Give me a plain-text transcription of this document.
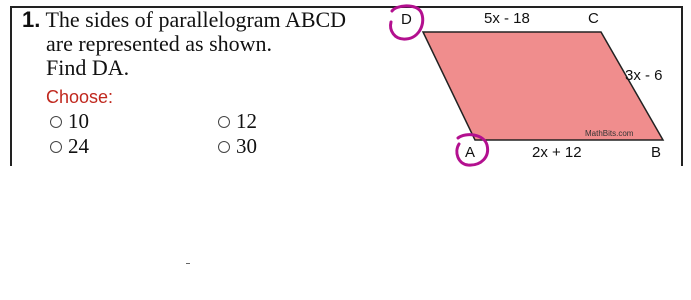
1. The sides of parallelogram ABCD
are represented as shown.
Find DA.
Choose:
10	12
24	30
5x - 18
3x - 6
2x + 12
C
B
D
A
MathBits.com
